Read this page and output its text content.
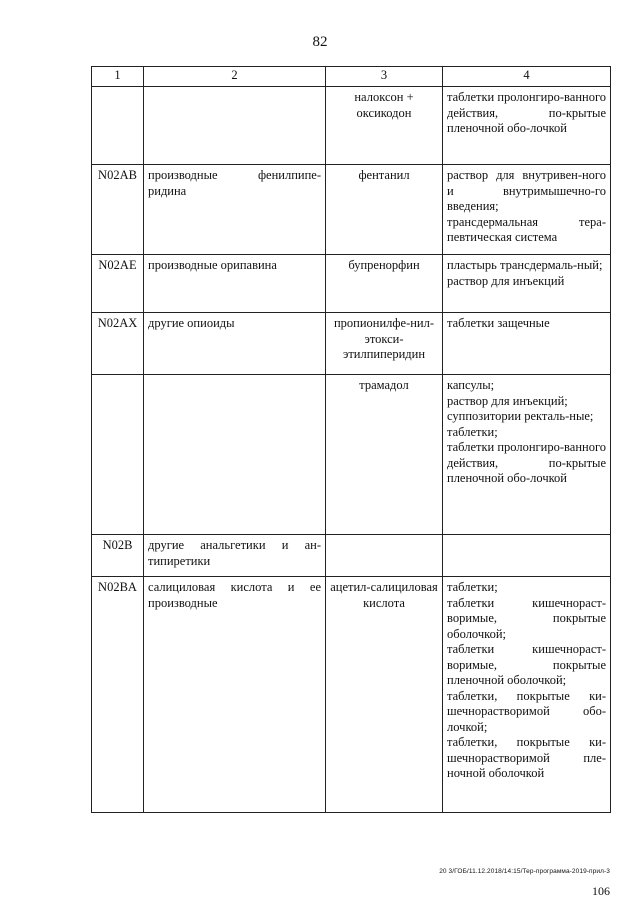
82
1	2	3	4
		налоксон + оксикодон	таблетки пролонгиро-ванного действия, по-крытые пленочной обо-лочкой

N02AB	производные фенилпипе-ридина	фентанил	раствор для внутривен-ного и внутримышечно-го введения;
трансдермальная тера-певтическая система

N02AE	производные орипавина	бупренорфин	пластырь трансдермаль-ный;
раствор для инъекций

N02AX	другие опиоиды	пропионилфе-нил-этокси-этилпиперидин	таблетки защечные

		трамадол	капсулы;
раствор для инъекций;
суппозитории ректаль-ные;
таблетки;
таблетки пролонгиро-ванного действия, по-крытые пленочной обо-лочкой

N02B	другие анальгетики и ан-типиретики		
N02BA	салициловая кислота и ее производные	ацетил-салициловая кислота	таблетки;
таблетки кишечнораст-воримые, покрытые оболочкой;
таблетки кишечнораст-воримые, покрытые пленочной оболочкой;
таблетки, покрытые ки-шечнорастворимой обо-лочкой;
таблетки, покрытые ки-шечнорастворимой пле-ночной оболочкой
20 3/ГОБ/11.12.2018/14:15/Тер-программа-2019-прил-3
106
